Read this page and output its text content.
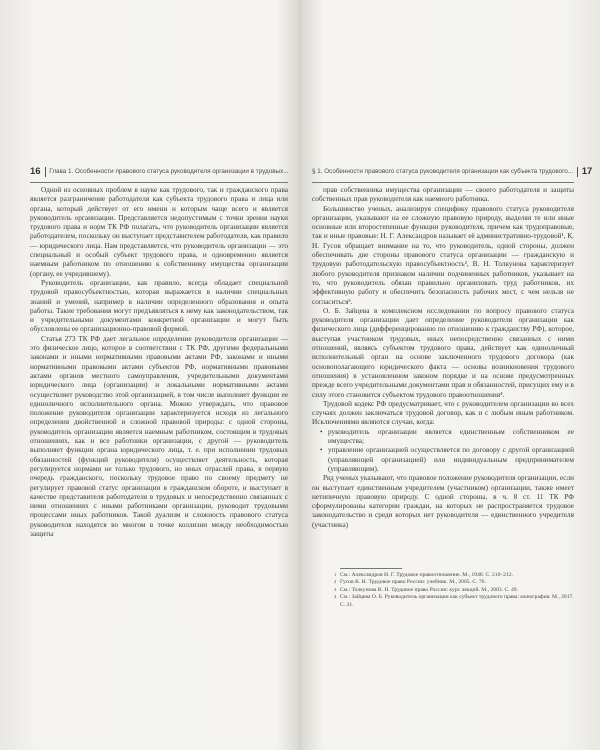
16 Глава 1. Особенности правового статуса руководителя организации в трудовых...

Одной из основных проблем в науке как трудового, так и гражданского права является разграничение работодателя как субъекта трудового права и лица или органа, который действует от его имени и которым чаще всего и является руководитель организации. Представляется недопустимым с точки зрения науки трудового права и норм ТК РФ полагать, что руководитель организации является работодателем, поскольку он выступает представителем работодателя, как правило — юридического лица. Нам представляется, что руководитель организации — это специальный и особый субъект трудового права, и одновременно является наемным работником по отношению к собственнику имущества организации (органу, ее учредившему).

Руководитель организации, как правило, всегда обладает специальной трудовой правосубъектностью, которая выражается в наличии специальных знаний и умений, например в наличии определенного образования и опыта работы. Такие требования могут предъявляться к нему как законодательством, так и учредительными документами конкретной организации и могут быть обусловлены ее организационно-правовой формой.

Статья 273 ТК РФ дает легальное определение руководителя организации — это физическое лицо, которое в соответствии с ТК РФ, другими федеральными законами и иными нормативными правовыми актами РФ, законами и иными нормативными правовыми актами субъектов РФ, нормативными правовыми актами органов местного самоуправления, учредительными документами юридического лица (организации) и локальными нормативными актами осуществляет руководство этой организацией, в том числе выполняет функции ее единоличного исполнительного органа. Можно утверждать, что правовое положение руководителя организации характеризуется исходя из легального определения двойственной и сложной правовой природы: с одной стороны, руководитель организации является наемным работником, состоящим в трудовых отношениях, как и все работники организации, с другой — руководитель выполняет функции органа юридического лица, т. е. при исполнении трудовых обязанностей (функций руководителя) осуществляет деятельность, которая регулируется нормами не только трудового, но иных отраслей права, в первую очередь гражданского, поскольку трудовое право по своему предмету не регулирует правовой статус организации в гражданском обороте, и выступает в качестве представителя работодателя в трудовых и непосредственно связанных с ними отношениях с иными работниками организации, руководит трудовыми процессами иных работников. Такой дуализм и сложность правового статуса руководителя находятся во многом в точке коллизии между необходимостью защиты

§ 1. Особенности правового статуса руководителя организации как субъекта трудового... 17

прав собственника имущества организации — своего работодателя и защиты собственных прав руководителя как наемного работника.

Большинство ученых, анализируя специфику правового статуса руководителя организации, указывают на ее сложную правовую природу, выделяя те или иные основные или второстепенные функции руководителя, причем как трудоправовые, так и иные правовые: Н. Г. Александров называет её административно-трудовой¹, К. Н. Гусов обращает внимание на то, что руководитель, одной стороны, должен обеспечивать две стороны правового статуса организации — гражданскую и трудовую работодательскую правосубъектность², В. Н. Толкунова характеризует любого руководителя признаком наличии подчиненных работников, указывает на то, что руководитель обязан правильно организовать труд работников, их эффективную работу и обеспечить безопасность рабочих мест, с чем нельзя не согласиться³.

О. Б. Зайцева в комплексном исследовании по вопросу правового статуса руководителя организации дает определение руководителя организации как физического лица (дифференцированно по отношению к гражданству РФ), которое, выступая участником трудовых, иных непосредственно связанных с ними отношений, являясь субъектом трудового права, действует как единоличный исполнительный орган на основе заключенного трудового договора (как основополагающего юридического факта — основы возникновения трудового отношения) в установленном законом порядке и на основе предусмотренных прежде всего учредительными документами прав и обязанностей, присущих ему и в силу этого становится субъектом трудового правоотношения⁴.

Трудовой кодекс РФ предусматривает, что с руководителем организации во всех случаях должен заключаться трудовой договор, как и с любым иным работником. Исключениями являются случаи, когда:

• руководитель организации является единственным собственником ее имущества;
• управление организацией осуществляется по договору с другой организацией (управляющей организацией) или индивидуальным предпринимателем (управляющим).

Ряд ученых указывают, что правовое положение руководителя организации, если он выступает единственным учредителем (участником) организации, также имеет нетипичную правовую природу. С одной стороны, в ч. 8 ст. 11 ТК РФ сформулированы категории граждан, на которых не распространяется трудовое законодательство и среди которых нет руководителя — единственного учредителя (участника)

1 См.: Александров Н. Г. Трудовое правоотношение. М., 1948. С. 210–212.
2 Гусов К. Н. Трудовое право России: учебник. М., 2005. С. 76.
3 См.: Толкунова В. Н. Трудовое право России: курс лекций. М., 2003. С. 49.
4 См.: Зайцева О. Б. Руководитель организации как субъект трудового права: монография. М., 2017. С. 31.
